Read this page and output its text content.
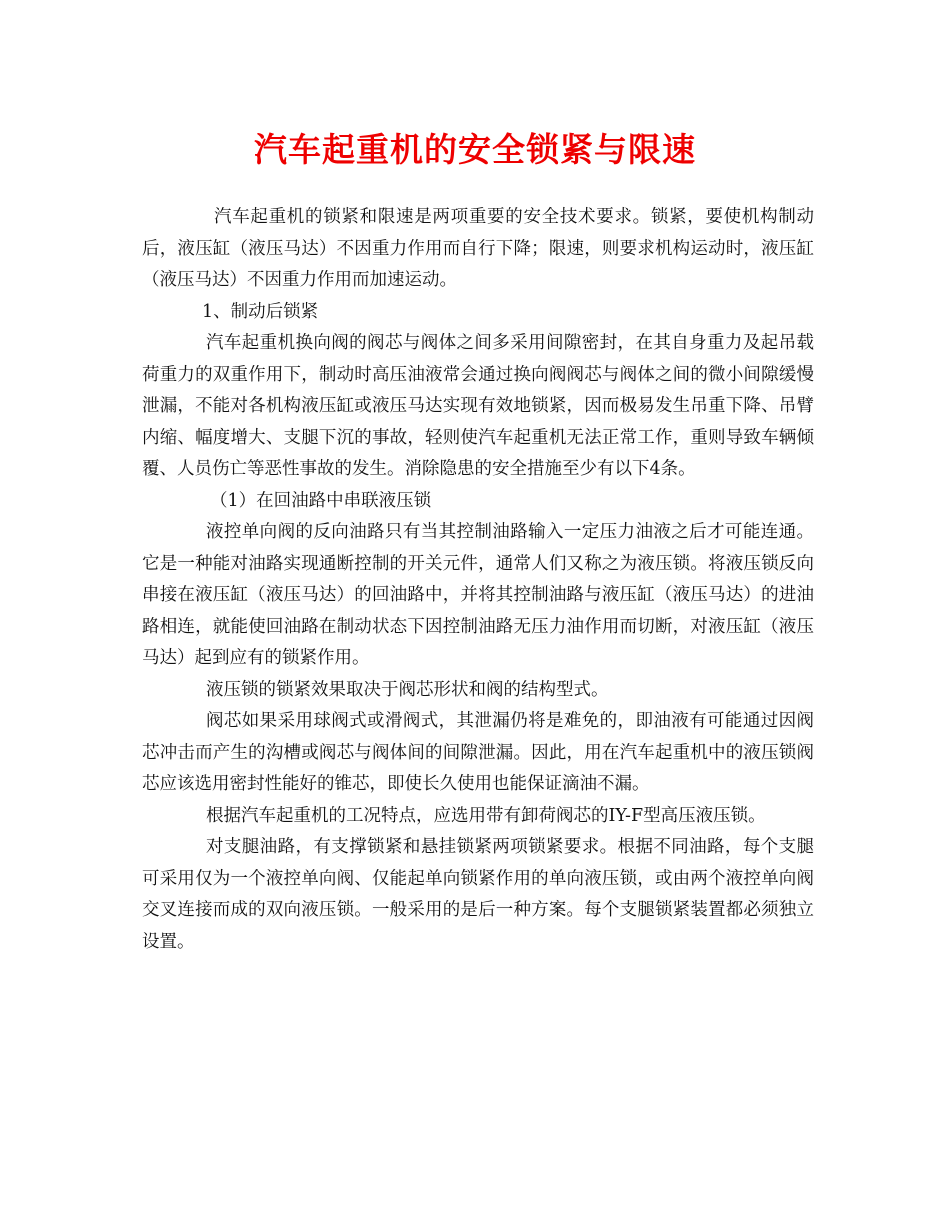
汽车起重机的安全锁紧与限速

汽车起重机的锁紧和限速是两项重要的安全技术要求。锁紧，要使机构制动后，液压缸（液压马达）不因重力作用而自行下降；限速，则要求机构运动时，液压缸（液压马达）不因重力作用而加速运动。

1、制动后锁紧

汽车起重机换向阀的阀芯与阀体之间多采用间隙密封，在其自身重力及起吊载荷重力的双重作用下，制动时高压油液常会通过换向阀阀芯与阀体之间的微小间隙缓慢泄漏，不能对各机构液压缸或液压马达实现有效地锁紧，因而极易发生吊重下降、吊臂内缩、幅度增大、支腿下沉的事故，轻则使汽车起重机无法正常工作，重则导致车辆倾覆、人员伤亡等恶性事故的发生。消除隐患的安全措施至少有以下4条。

（1）在回油路中串联液压锁

液控单向阀的反向油路只有当其控制油路输入一定压力油液之后才可能连通。它是一种能对油路实现通断控制的开关元件，通常人们又称之为液压锁。将液压锁反向串接在液压缸（液压马达）的回油路中，并将其控制油路与液压缸（液压马达）的进油路相连，就能使回油路在制动状态下因控制油路无压力油作用而切断，对液压缸（液压马达）起到应有的锁紧作用。

液压锁的锁紧效果取决于阀芯形状和阀的结构型式。

阀芯如果采用球阀式或滑阀式，其泄漏仍将是难免的，即油液有可能通过因阀芯冲击而产生的沟槽或阀芯与阀体间的间隙泄漏。因此，用在汽车起重机中的液压锁阀芯应该选用密封性能好的锥芯，即使长久使用也能保证滴油不漏。

根据汽车起重机的工况特点，应选用带有卸荷阀芯的IY-F型高压液压锁。

对支腿油路，有支撑锁紧和悬挂锁紧两项锁紧要求。根据不同油路，每个支腿可采用仅为一个液控单向阀、仅能起单向锁紧作用的单向液压锁，或由两个液控单向阀交叉连接而成的双向液压锁。一般采用的是后一种方案。每个支腿锁紧装置都必须独立设置。
